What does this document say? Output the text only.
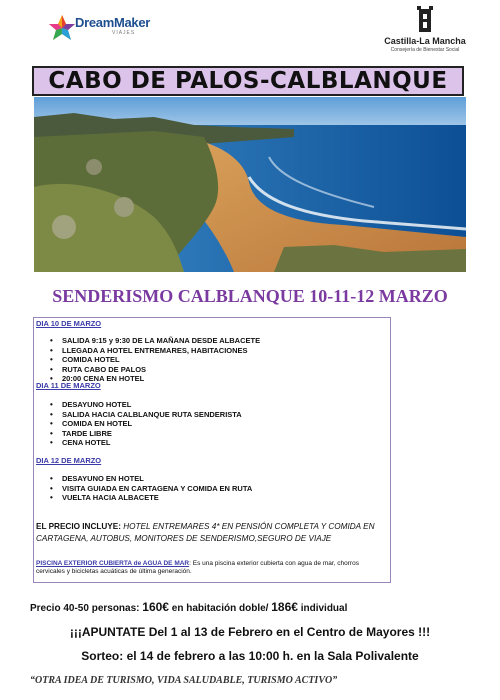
DreamMaker
VIAJES
Castilla-La Mancha
Consejería de Bienestar Social
CABO DE PALOS-CALBLANQUE
SENDERISMO CALBLANQUE 10-11-12 MARZO
DIA 10 DE MARZO
• SALIDA 9:15 y 9:30 DE LA MAÑANA DESDE ALBACETE
• LLEGADA A HOTEL ENTREMARES, HABITACIONES
• COMIDA HOTEL
• RUTA CABO DE PALOS
• 20:00 CENA EN HOTEL
DIA 11 DE MARZO
• DESAYUNO HOTEL
• SALIDA HACIA CALBLANQUE RUTA SENDERISTA
• COMIDA EN HOTEL
• TARDE LIBRE
• CENA HOTEL
DIA 12 DE MARZO
• DESAYUNO EN HOTEL
• VISITA GUIADA EN CARTAGENA Y COMIDA EN RUTA
• VUELTA HACIA ALBACETE
EL PRECIO INCLUYE: HOTEL ENTREMARES 4* EN PENSIÓN COMPLETA Y COMIDA EN CARTAGENA, AUTOBUS, MONITORES DE SENDERISMO,SEGURO DE VIAJE
PISCINA EXTERIOR CUBIERTA de AGUA DE MAR: Es una piscina exterior cubierta con agua de mar, chorros cervicales y bicicletas acuáticas de última generación.
Precio 40-50 personas: 160€ en habitación doble/ 186€ individual
¡¡¡APUNTATE Del 1 al 13 de Febrero en el Centro de Mayores !!!
Sorteo: el 14 de febrero a las 10:00 h. en la Sala Polivalente
“OTRA IDEA DE TURISMO, VIDA SALUDABLE, TURISMO ACTIVO”
